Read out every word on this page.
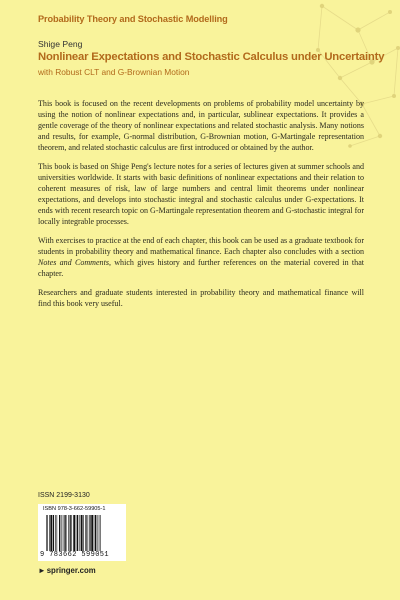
Probability Theory and Stochastic Modelling
Shige Peng
Nonlinear Expectations and Stochastic Calculus under Uncertainty
with Robust CLT and G-Brownian Motion

This book is focused on the recent developments on problems of probability model uncertainty by using the notion of nonlinear expectations and, in particular, sublinear expectations. It provides a gentle coverage of the theory of nonlinear expectations and related stochastic analysis. Many notions and results, for example, G-normal distribution, G-Brownian motion, G-Martingale representation theorem, and related stochastic calculus are first introduced or obtained by the author.

This book is based on Shige Peng's lecture notes for a series of lectures given at summer schools and universities worldwide. It starts with basic definitions of nonlinear expectations and their relation to coherent measures of risk, law of large numbers and central limit theorems under nonlinear expectations, and develops into stochastic integral and stochastic calculus under G-expectations. It ends with recent research topic on G-Martingale representation theorem and G-stochastic integral for locally integrable processes.

With exercises to practice at the end of each chapter, this book can be used as a graduate textbook for students in probability theory and mathematical finance. Each chapter also concludes with a section Notes and Comments, which gives history and further references on the material covered in that chapter.

Researchers and graduate students interested in probability theory and mathematical finance will find this book very useful.

ISSN 2199-3130
ISBN 978-3-662-59905-1
9 783662 599051
►springer.com
